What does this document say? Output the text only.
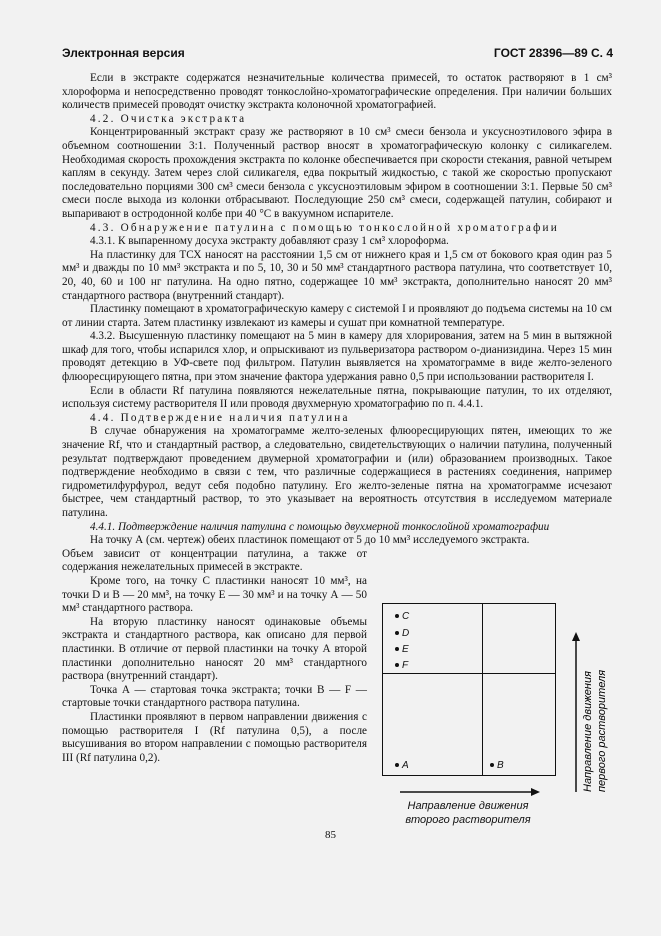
Электронная версия	ГОСТ 28396—89 С. 4

Если в экстракте содержатся незначительные количества примесей, то остаток растворяют в 1 см³ хлороформа и непосредственно проводят тонкослойно-хроматографические определения. При наличии больших количеств примесей проводят очистку экстракта колоночной хроматографией.

4.2. Очистка экстракта

Концентрированный экстракт сразу же растворяют в 10 см³ смеси бензола и уксусноэтилового эфира в объемном соотношении 3:1. Полученный раствор вносят в хроматографическую колонку с силикагелем. Необходимая скорость прохождения экстракта по колонке обеспечивается при скорости стекания, равной четырем каплям в секунду. Затем через слой силикагеля, едва покрытый жидкостью, с такой же скоростью пропускают последовательно порциями 300 см³ смеси бензола с уксусноэтиловым эфиром в соотношении 3:1. Первые 50 см³ смеси после выхода из колонки отбрасывают. Последующие 250 см³ смеси, содержащей патулин, собирают и выпаривают в остродонной колбе при 40 °С в вакуумном испарителе.

4.3. Обнаружение патулина с помощью тонкослойной хроматографии

4.3.1. К выпаренному досуха экстракту добавляют сразу 1 см³ хлороформа.

На пластинку для ТСХ наносят на расстоянии 1,5 см от нижнего края и 1,5 см от бокового края один раз 5 мм³ и дважды по 10 мм³ экстракта и по 5, 10, 30 и 50 мм³ стандартного раствора патулина, что соответствует 10, 20, 40, 60 и 100 нг патулина. На одно пятно, содержащее 10 мм³ экстракта, дополнительно наносят 20 мм³ стандартного раствора (внутренний стандарт).

Пластинку помещают в хроматографическую камеру с системой I и проявляют до подъема системы на 10 см от линии старта. Затем пластинку извлекают из камеры и сушат при комнатной температуре.

4.3.2. Высушенную пластинку помещают на 5 мин в камеру для хлорирования, затем на 5 мин в вытяжной шкаф для того, чтобы испарился хлор, и опрыскивают из пульверизатора раствором о-дианизидина. Через 15 мин проводят детекцию в УФ-свете под фильтром. Патулин выявляется на хроматограмме в виде желто-зеленого флюоресцирующего пятна, при этом значение фактора удержания равно 0,5 при использовании растворителя I.

Если в области Rf патулина появляются нежелательные пятна, покрывающие патулин, то их отделяют, используя систему растворителя II или проводя двухмерную хроматографию по п. 4.4.1.

4.4. Подтверждение наличия патулина

В случае обнаружения на хроматограмме желто-зеленых флюоресцирующих пятен, имеющих то же значение Rf, что и стандартный раствор, а следовательно, свидетельствующих о наличии патулина, полученный результат подтверждают проведением двумерной хроматографии и (или) образованием производных. Такое подтверждение необходимо в связи с тем, что различные содержащиеся в растениях соединения, например гидрометилфурфурол, ведут себя подобно патулину. Его желто-зеленые пятна на хроматограмме исчезают быстрее, чем стандартный раствор, то это указывает на вероятность отсутствия в исследуемом материале патулина.

4.4.1. Подтверждение наличия патулина с помощью двухмерной тонкослойной хроматографии

На точку А (см. чертеж) обеих пластинок помещают от 5 до 10 мм³ исследуемого экстракта.

Объем зависит от концентрации патулина, а также от содержания нежелательных примесей в экстракте.

Кроме того, на точку С пластинки наносят 10 мм³, на точки D и В — 20 мм³, на точку Е — 30 мм³ и на точку А — 50 мм³ стандартного раствора.

На вторую пластинку наносят одинаковые объемы экстракта и стандартного раствора, как описано для первой пластинки. В отличие от первой пластинки на точку А второй пластинки дополнительно наносят 20 мм³ стандартного раствора (внутренний стандарт).

Точка А — стартовая точка экстракта; точки В — F — стартовые точки стандартного раствора патулина.

Пластинки проявляют в первом направлении движения с помощью растворителя I (Rf патулина 0,5), а после высушивания во втором направлении с помощью растворителя III (Rf патулина 0,2).

C
D
E
F
A	B	Направление движения первого растворителя
Направление движения
второго растворителя
85
